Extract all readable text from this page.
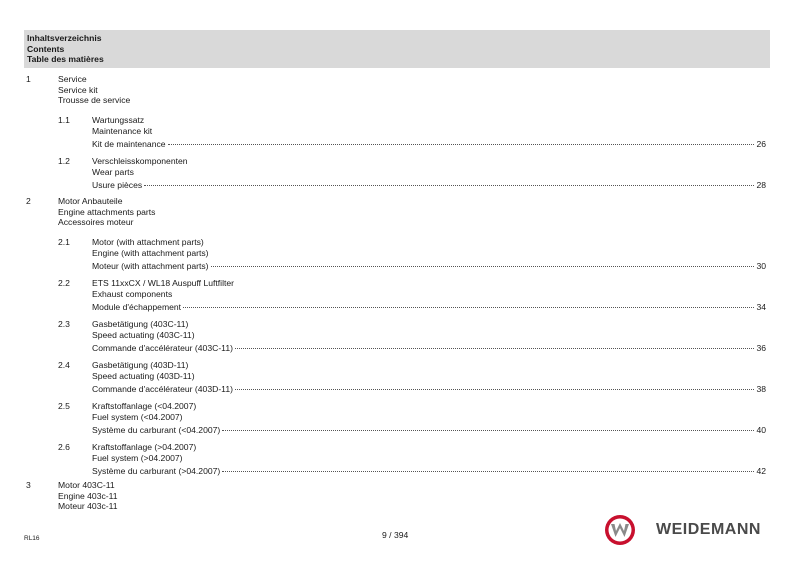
Inhaltsverzeichnis
Contents
Table des matières
1	Service
Service kit
Trousse de service
1.1	Wartungssatz
Maintenance kit
Kit de maintenance	26
1.2	Verschleisskomponenten
Wear parts
Usure pièces	28
2	Motor Anbauteile
Engine attachments parts
Accessoires moteur
2.1	Motor (with attachment parts)
Engine (with attachment parts)
Moteur (with attachment parts)	30
2.2	ETS 11xxCX / WL18 Auspuff Luftfilter
Exhaust components
Module d'échappement	34
2.3	Gasbetätigung (403C-11)
Speed actuating (403C-11)
Commande d'accélérateur (403C-11)	36
2.4	Gasbetätigung (403D-11)
Speed actuating (403D-11)
Commande d'accélérateur (403D-11)	38
2.5	Kraftstoffanlage (<04.2007)
Fuel system (<04.2007)
Système du carburant (<04.2007)	40
2.6	Kraftstoffanlage (>04.2007)
Fuel system (>04.2007)
Système du carburant (>04.2007)	42
3	Motor 403C-11
Engine 403c-11
Moteur 403c-11
RL16	9 / 394	WEIDEMANN
